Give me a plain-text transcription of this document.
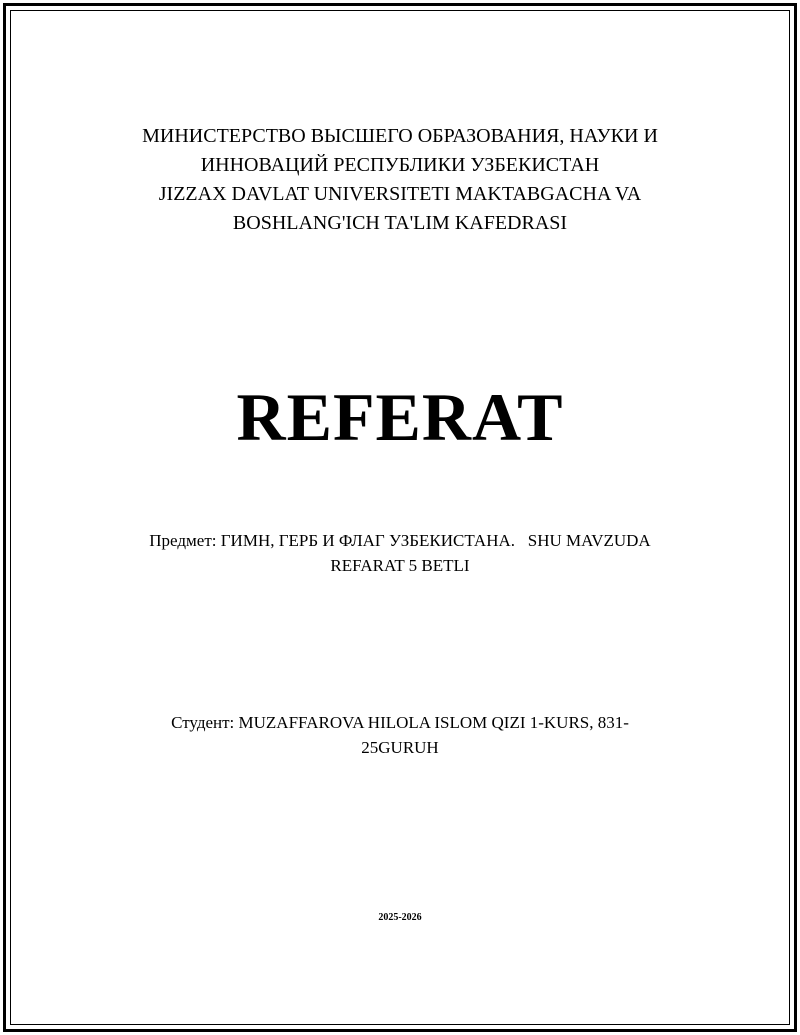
МИНИСТЕРСТВО ВЫСШЕГО ОБРАЗОВАНИЯ, НАУКИ И
ИННОВАЦИЙ РЕСПУБЛИКИ УЗБЕКИСТАН
JIZZAX DAVLAT UNIVERSITETI MAKTABGACHA VA
BOSHLANG'ICH TA'LIM KAFEDRASI
REFERAT
Предмет: ГИМН, ГЕРБ И ФЛАГ УЗБЕКИСТАНА.   SHU MAVZUDA
REFARAT 5 BETLI
Студент: MUZAFFAROVA HILOLA ISLOM QIZI 1-KURS, 831-
25GURUH
2025-2026
